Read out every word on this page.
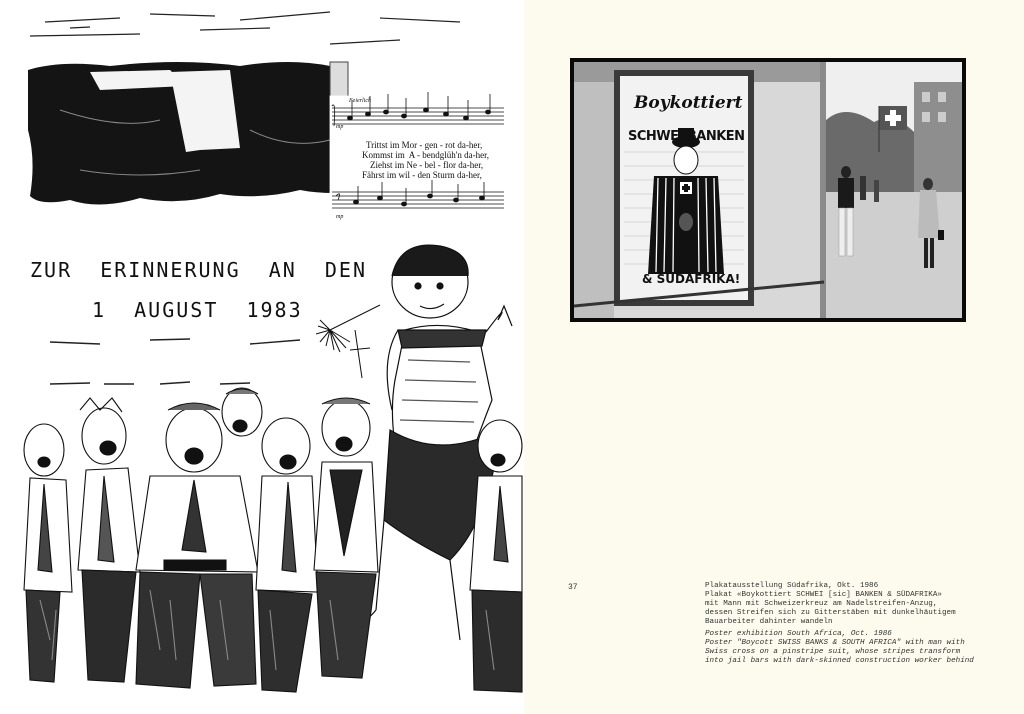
ZUR  ERINNERUNG  AN  DEN
1  AUGUST  1983
Feierlich
mp
Trittst im Mor - gen - rot da-her,
Kommst im  A - bendglüh'n da-her,
Ziehst im Ne - bel - flor da-her,
Fährst im wil - den Sturm da-her,
mp
Boykottiert
SCHWEI BANKEN
& SÜDAFRIKA!
37	Plakatausstellung Südafrika, Okt. 1986
Plakat «Boykottiert SCHWEI [sic] BANKEN & SÜDAFRIKA»
mit Mann mit Schweizerkreuz am Nadelstreifen-Anzug,
dessen Streifen sich zu Gitterstäben mit dunkelhäutigem
Bauarbeiter dahinter wandeln
Poster exhibition South Africa, Oct. 1986
Poster "Boycott SWISS BANKS & SOUTH AFRICA" with man with
Swiss cross on a pinstripe suit, whose stripes transform
into jail bars with dark-skinned construction worker behind
